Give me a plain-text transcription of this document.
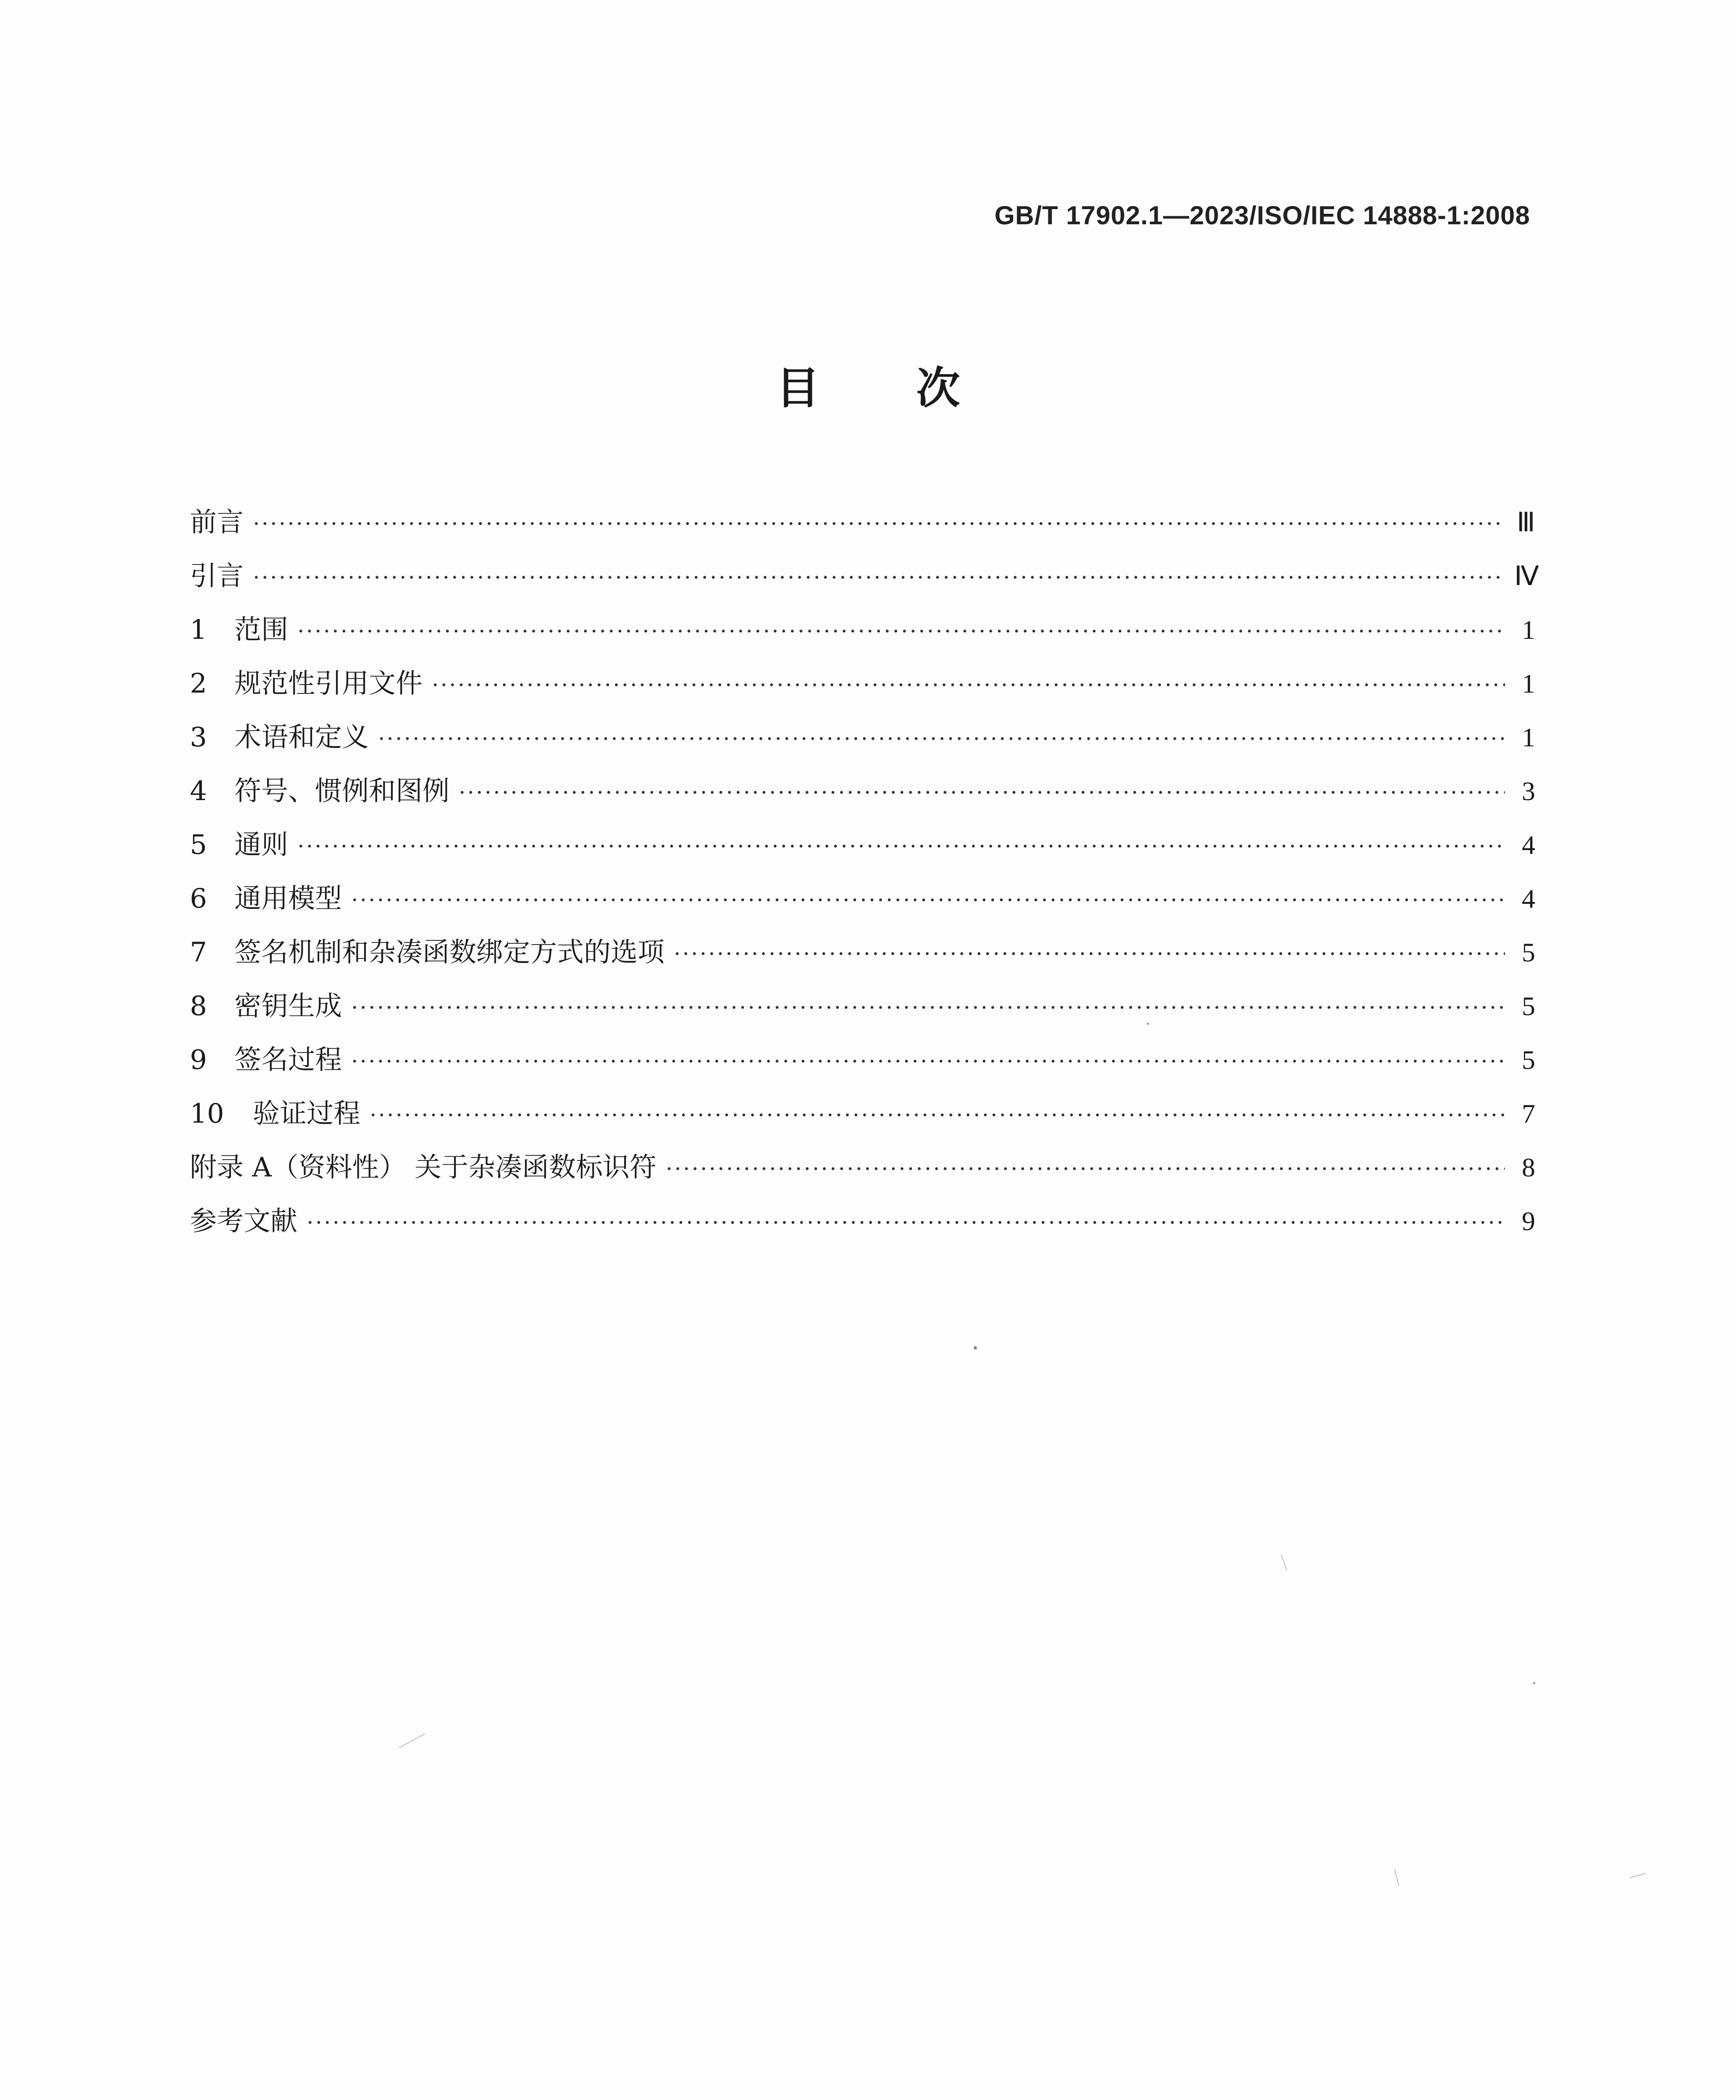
GB/T 17902.1—2023/ISO/IEC 14888-1:2008
目次
前言 ·····	Ⅲ
引言 ·····	Ⅳ
1	范围 ·····	1
2	规范性引用文件 ·····	1
3	术语和定义 ·····	1
4	符号、惯例和图例 ·····	3
5	通则 ·····	4
6	通用模型 ·····	4
7	签名机制和杂凑函数绑定方式的选项 ·····	5
8	密钥生成 ·····	5
9	签名过程 ·····	5
10	验证过程 ·····	7
附录 A（资料性） 关于杂凑函数标识符 ·····	8
参考文献 ·····	9
